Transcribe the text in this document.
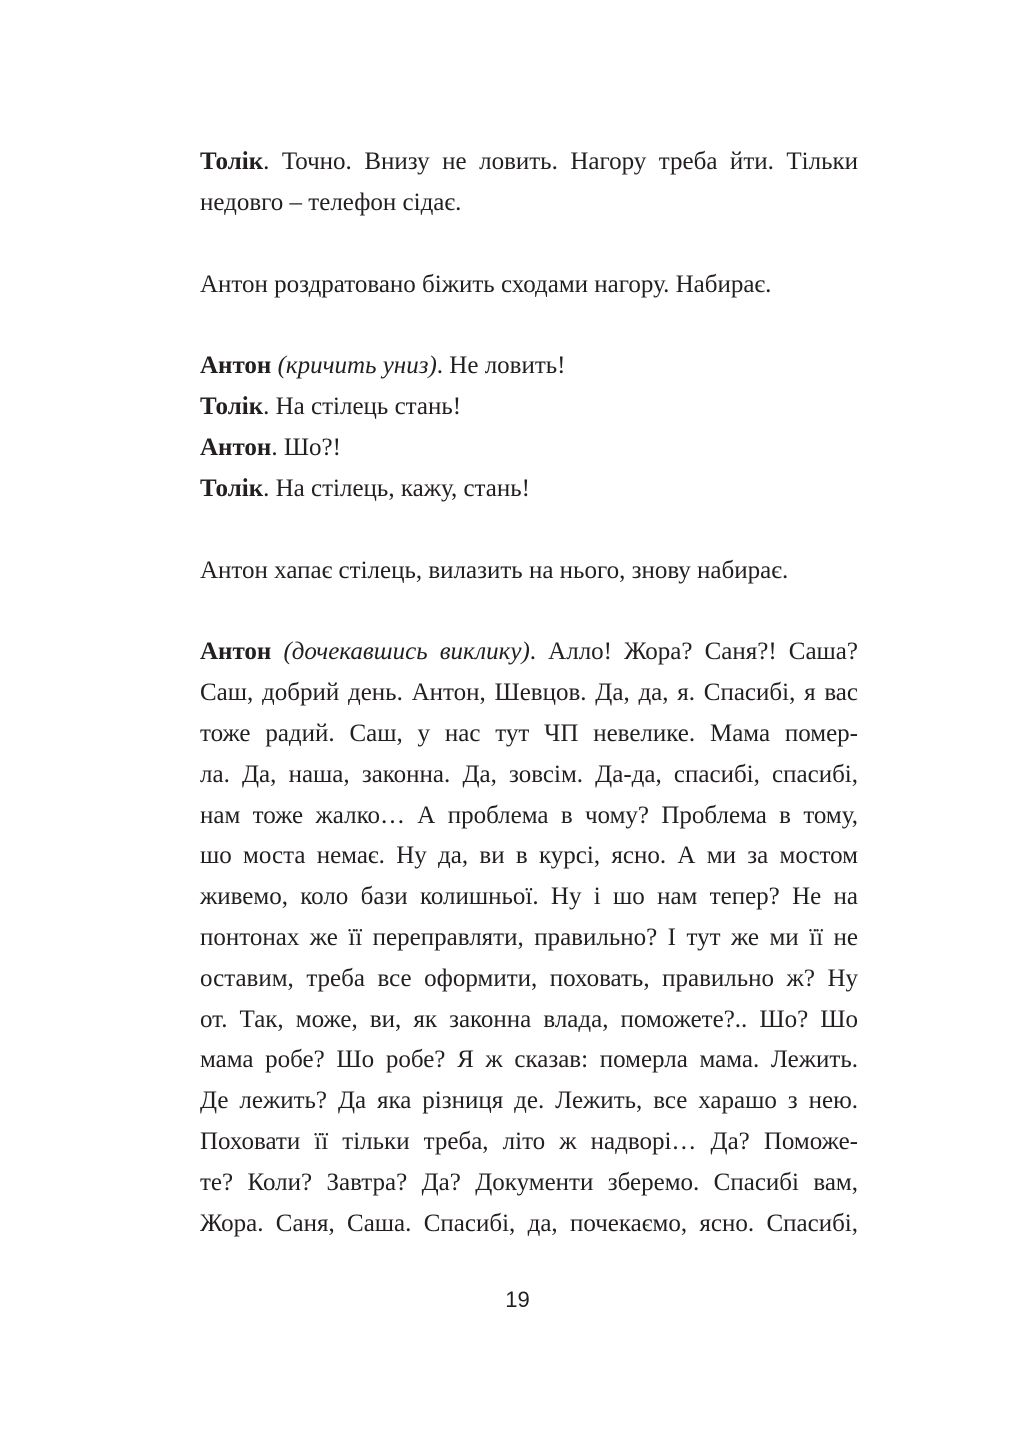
Толік. Точно. Внизу не ловить. Нагору треба йти. Тільки
недовго – телефон сідає.
Антон роздратовано біжить сходами нагору. Набирає.
Антон (кричить униз). Не ловить!
Толік. На стілець стань!
Антон. Шо?!
Толік. На стілець, кажу, стань!
Антон хапає стілець, вилазить на нього, знову набирає.
Антон (дочекавшись виклику). Алло! Жора? Саня?! Саша?
Саш, добрий день. Антон, Шевцов. Да, да, я. Спасибі, я вас
тоже радий. Саш, у нас тут ЧП невелике. Мама помер-
ла. Да, наша, законна. Да, зовсім. Да-да, спасибі, спасибі,
нам тоже жалко… А проблема в чому? Проблема в тому,
шо моста немає. Ну да, ви в курсі, ясно. А ми за мостом
живемо, коло бази колишньої. Ну і шо нам тепер? Не на
понтонах же її переправляти, правильно? І тут же ми її не
оставим, треба все оформити, поховать, правильно ж? Ну
от. Так, може, ви, як законна влада, поможете?.. Шо? Шо
мама робе? Шо робе? Я ж сказав: померла мама. Лежить.
Де лежить? Да яка різниця де. Лежить, все харашо з нею.
Поховати її тільки треба, літо ж надворі… Да? Поможе-
те? Коли? Завтра? Да? Документи зберемо. Спасибі вам,
Жора. Саня, Саша. Спасибі, да, почекаємо, ясно. Спасибі,
19
